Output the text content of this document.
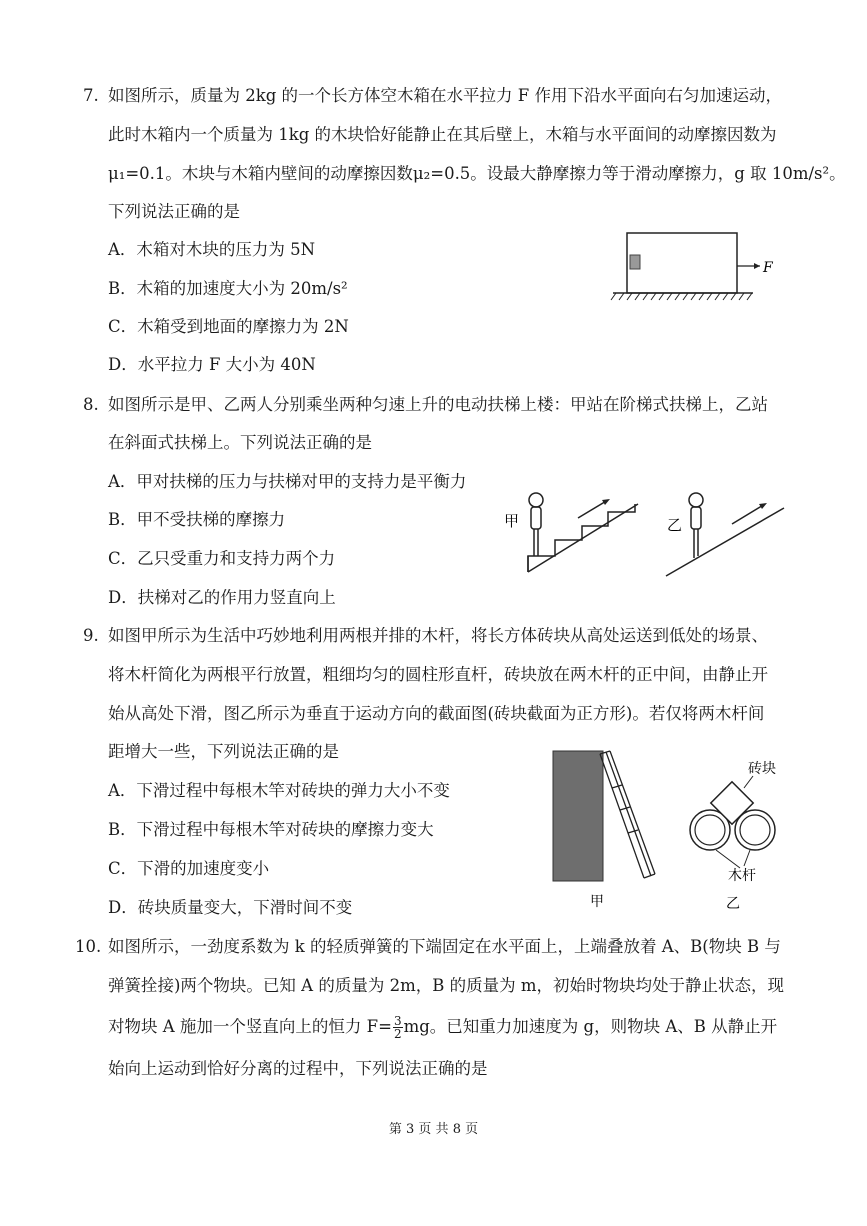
7. 如图所示，质量为 2kg 的一个长方体空木箱在水平拉力 F 作用下沿水平面向右匀加速运动，
此时木箱内一个质量为 1kg 的木块恰好能静止在其后壁上，木箱与水平面间的动摩擦因数为
μ₁=0.1。木块与木箱内壁间的动摩擦因数μ₂=0.5。设最大静摩擦力等于滑动摩擦力，g 取 10m/s²。
下列说法正确的是
A．木箱对木块的压力为 5N
B．木箱的加速度大小为 20m/s²
C．木箱受到地面的摩擦力为 2N
D．水平拉力 F 大小为 40N
F
8. 如图所示是甲、乙两人分别乘坐两种匀速上升的电动扶梯上楼：甲站在阶梯式扶梯上，乙站
在斜面式扶梯上。下列说法正确的是
A．甲对扶梯的压力与扶梯对甲的支持力是平衡力
B．甲不受扶梯的摩擦力
C．乙只受重力和支持力两个力
D．扶梯对乙的作用力竖直向上
甲	乙
9. 如图甲所示为生活中巧妙地利用两根并排的木杆，将长方体砖块从高处运送到低处的场景、
将木杆简化为两根平行放置，粗细均匀的圆柱形直杆，砖块放在两木杆的正中间，由静止开
始从高处下滑，图乙所示为垂直于运动方向的截面图(砖块截面为正方形)。若仅将两木杆间
距增大一些，下列说法正确的是
A．下滑过程中每根木竿对砖块的弹力大小不变
B．下滑过程中每根木竿对砖块的摩擦力变大
C．下滑的加速度变小
D．砖块质量变大，下滑时间不变	甲
砖块
木杆
乙
10. 如图所示，一劲度系数为 k 的轻质弹簧的下端固定在水平面上，上端叠放着 A、B(物块 B 与
弹簧拴接)两个物块。已知 A 的质量为 2m，B 的质量为 m，初始时物块均处于静止状态，现
对物块 A 施加一个竖直向上的恒力 $F= \frac{3}{2}$ mg。已知重力加速度为 g，则物块 A、B 从静止开
始向上运动到恰好分离的过程中，下列说法正确的是
第 3 页 共 8 页
